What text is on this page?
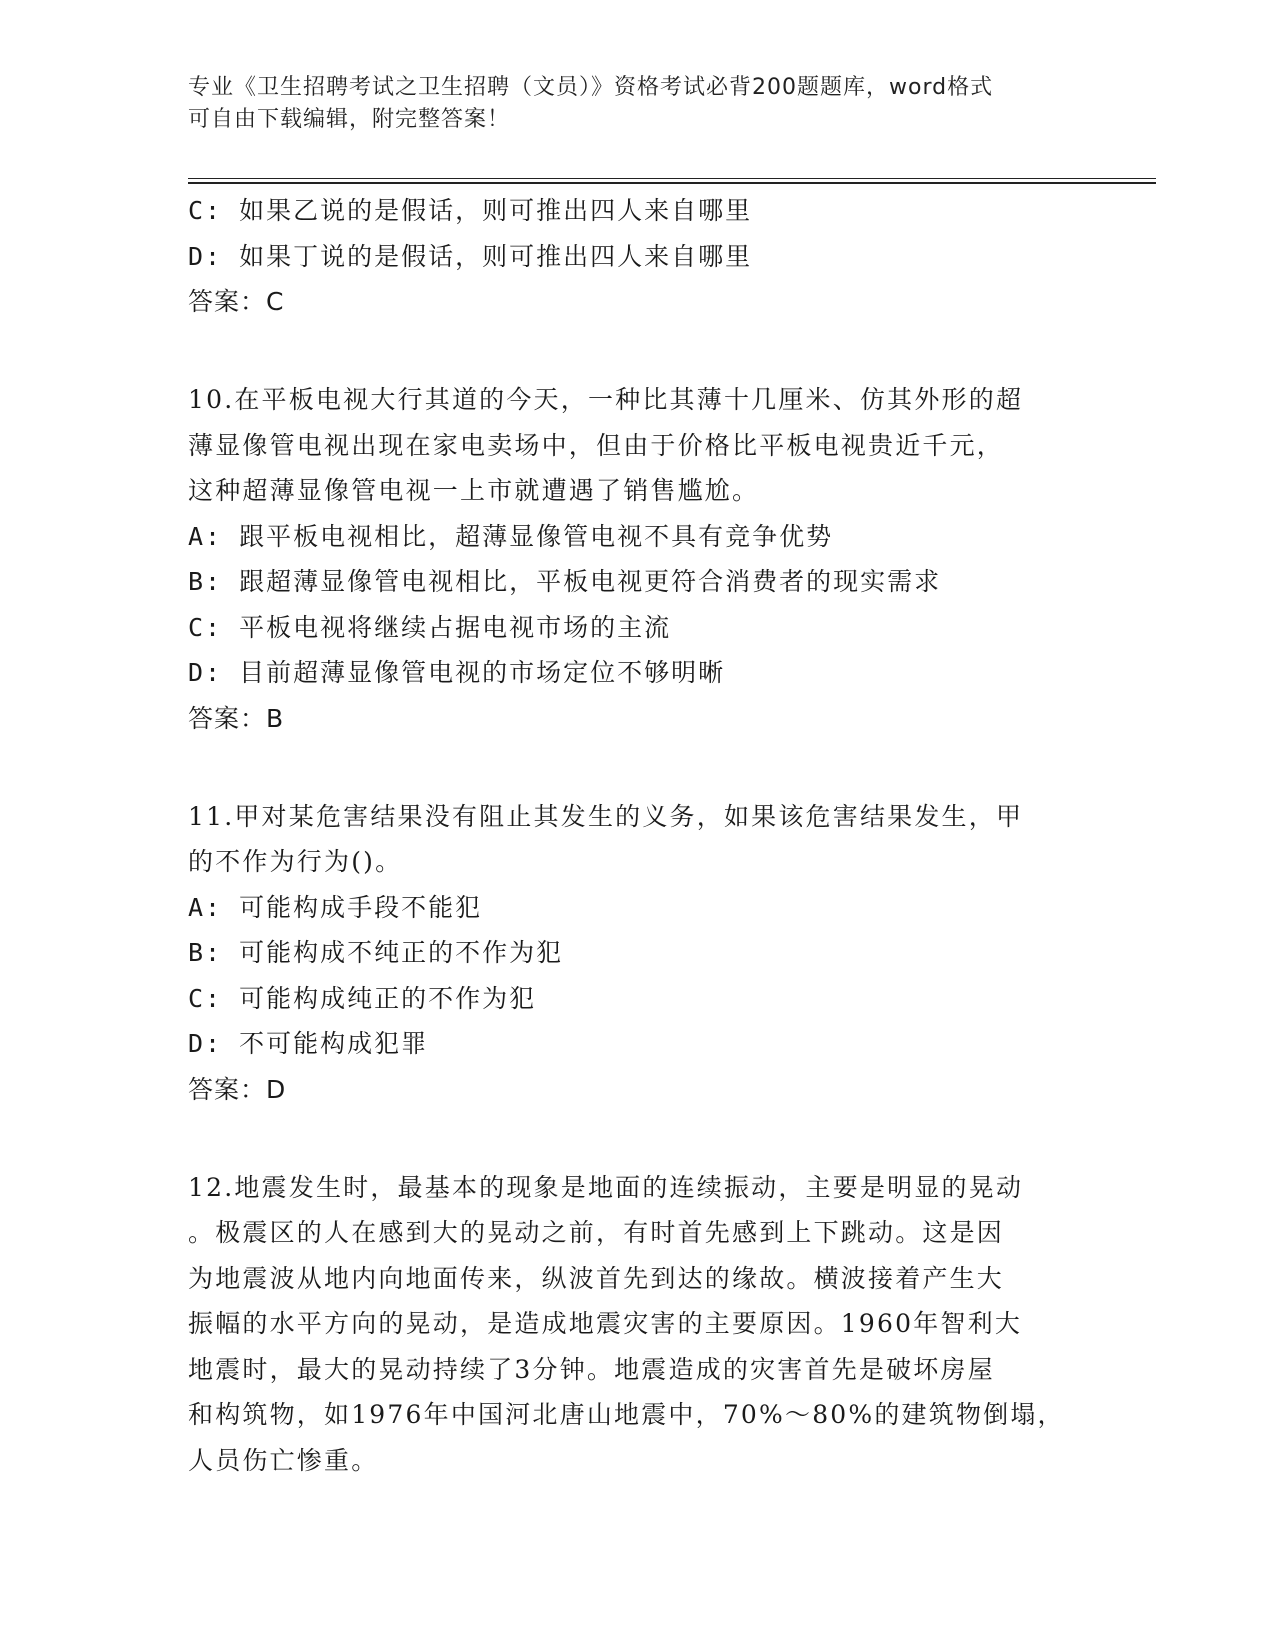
专业《卫生招聘考试之卫生招聘（文员）》资格考试必背200题题库，word格式
可自由下载编辑，附完整答案！
C: 如果乙说的是假话，则可推出四人来自哪里
D: 如果丁说的是假话，则可推出四人来自哪里
答案：C
10.在平板电视大行其道的今天，一种比其薄十几厘米、仿其外形的超
薄显像管电视出现在家电卖场中，但由于价格比平板电视贵近千元，
这种超薄显像管电视一上市就遭遇了销售尴尬。
A: 跟平板电视相比，超薄显像管电视不具有竞争优势
B: 跟超薄显像管电视相比，平板电视更符合消费者的现实需求
C: 平板电视将继续占据电视市场的主流
D: 目前超薄显像管电视的市场定位不够明晰
答案：B
11.甲对某危害结果没有阻止其发生的义务，如果该危害结果发生，甲
的不作为行为()。
A: 可能构成手段不能犯
B: 可能构成不纯正的不作为犯
C: 可能构成纯正的不作为犯
D: 不可能构成犯罪
答案：D
12.地震发生时，最基本的现象是地面的连续振动，主要是明显的晃动
。极震区的人在感到大的晃动之前，有时首先感到上下跳动。这是因
为地震波从地内向地面传来，纵波首先到达的缘故。横波接着产生大
振幅的水平方向的晃动，是造成地震灾害的主要原因。1960年智利大
地震时，最大的晃动持续了3分钟。地震造成的灾害首先是破坏房屋
和构筑物，如1976年中国河北唐山地震中，70%～80%的建筑物倒塌，
人员伤亡惨重。
